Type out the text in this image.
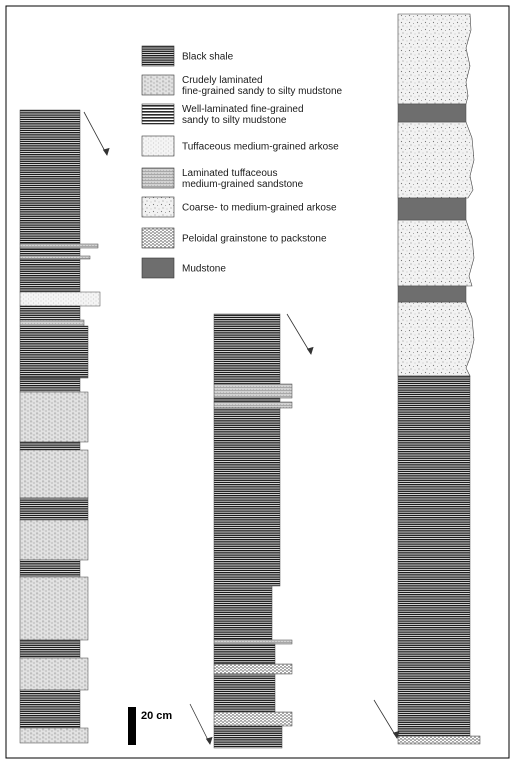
Black shale
Crudely laminated
fine-grained sandy to silty mudstone
Well-laminated fine-grained
sandy to silty mudstone
Tuffaceous medium-grained arkose
Laminated tuffaceous
medium-grained sandstone
Coarse- to medium-grained arkose
Peloidal grainstone to packstone
Mudstone
20 cm
